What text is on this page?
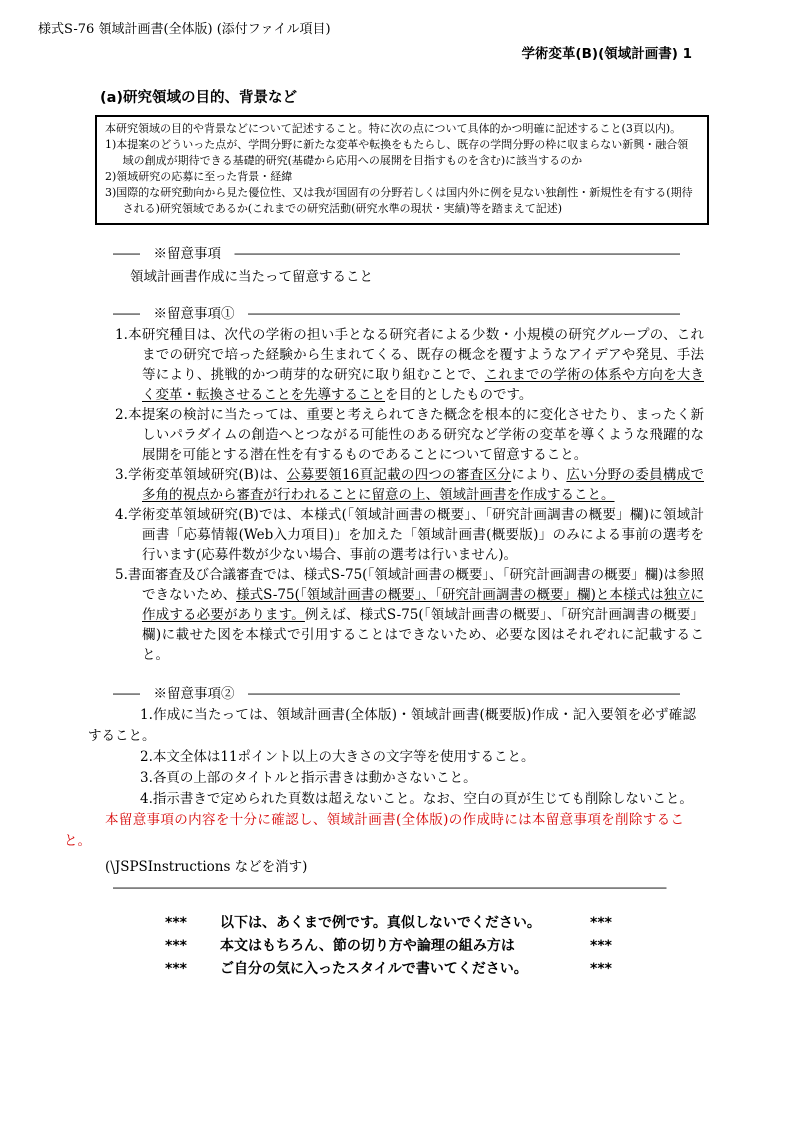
様式S-76 領域計画書(全体版) (添付ファイル項目)
学術変革(B)(領域計画書) 1
(a)研究領域の目的、背景など

本研究領域の目的や背景などについて記述すること。特に次の点について具体的かつ明確に記述すること(3頁以内)。

1)本提案のどういった点が、学問分野に新たな変革や転換をもたらし、既存の学問分野の枠に収まらない新興・融合領域の創成が期待できる基礎的研究(基礎から応用への展開を目指すものを含む)に該当するのか

2)領域研究の応募に至った背景・経緯

3)国際的な研究動向から見た優位性、又は我が国固有の分野若しくは国内外に例を見ない独創性・新規性を有する(期待される)研究領域であるか(これまでの研究活動(研究水準の現状・実績)等を踏まえて記述)

――　※留意事項　―――――――――――――――――――――――――――――――――

領域計画書作成に当たって留意すること

――　※留意事項①　――――――――――――――――――――――――――――――――

1.本研究種目は、次代の学術の担い手となる研究者による少数・小規模の研究グループの、これまでの研究で培った経験から生まれてくる、既存の概念を覆すようなアイデアや発見、手法等により、挑戦的かつ萌芽的な研究に取り組むことで、これまでの学術の体系や方向を大きく変革・転換させることを先導することを目的としたものです。

2.本提案の検討に当たっては、重要と考えられてきた概念を根本的に変化させたり、まったく新しいパラダイムの創造へとつながる可能性のある研究など学術の変革を導くような飛躍的な展開を可能とする潜在性を有するものであることについて留意すること。

3.学術変革領域研究(B)は、公募要領16頁記載の四つの審査区分により、広い分野の委員構成で多角的視点から審査が行われることに留意の上、領域計画書を作成すること。

4.学術変革領域研究(B)では、本様式(「領域計画書の概要」、「研究計画調書の概要」欄)に領域計画書「応募情報(Web入力項目)」を加えた「領域計画書(概要版)」のみによる事前の選考を行います(応募件数が少ない場合、事前の選考は行いません)。

5.書面審査及び合議審査では、様式S-75(「領域計画書の概要」、「研究計画調書の概要」欄)は参照できないため、様式S-75(「領域計画書の概要」、「研究計画調書の概要」欄)と本様式は独立に作成する必要があります。例えば、様式S-75(「領域計画書の概要」、「研究計画調書の概要」欄)に載せた図を本様式で引用することはできないため、必要な図はそれぞれに記載すること。

――　※留意事項②　――――――――――――――――――――――――――――――――

1.作成に当たっては、領域計画書(全体版)・領域計画書(概要版)作成・記入要領を必ず確認すること。

2.本文全体は11ポイント以上の大きさの文字等を使用すること。

3.各頁の上部のタイトルと指示書きは動かさないこと。

4.指示書きで定められた頁数は超えないこと。なお、空白の頁が生じても削除しないこと。

本留意事項の内容を十分に確認し、領域計画書(全体版)の作成時には本留意事項を削除すること。

(\JSPSInstructions などを消す)

―――――――――――――――――――――――――――――――――――――――――

***	以下は、あくまで例です。真似しないでください。	***
***	本文はもちろん、節の切り方や論理の組み方は	***
***	ご自分の気に入ったスタイルで書いてください。	***
